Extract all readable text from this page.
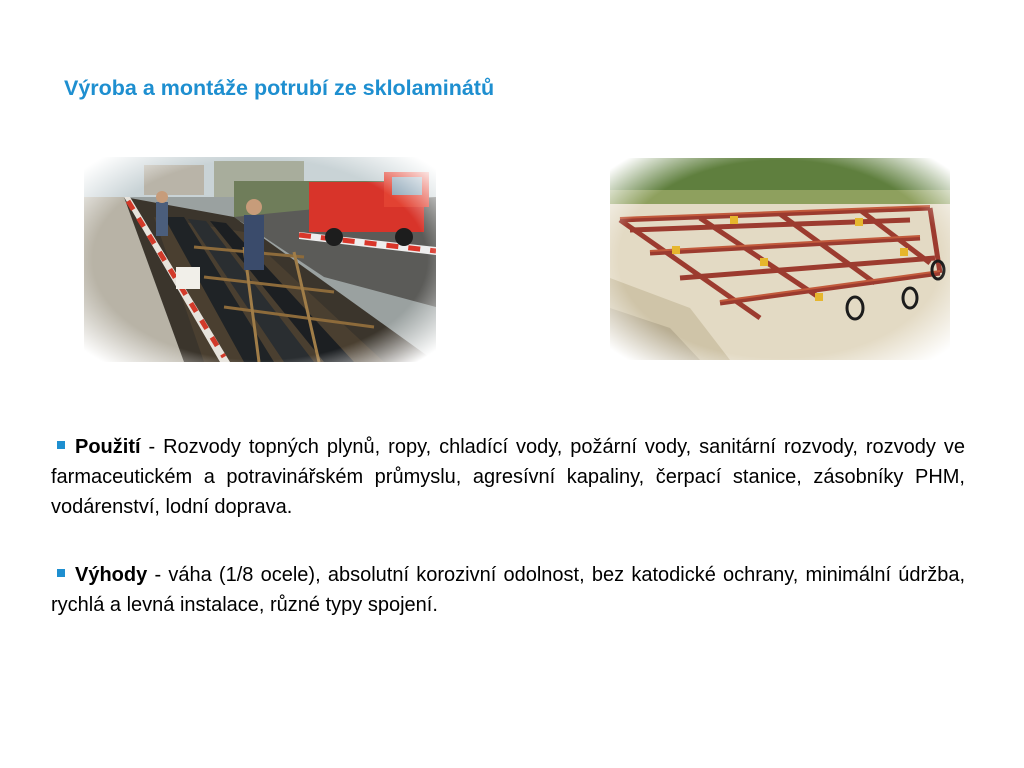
Výroba a montáže potrubí ze sklolaminátů

Použití - Rozvody topných plynů, ropy, chladící vody, požární vody, sanitární rozvody, rozvody ve farmaceutickém a potravinářském průmyslu, agresívní kapaliny, čerpací stanice, zásobníky PHM, vodárenství, lodní doprava.

Výhody - váha (1/8 ocele), absolutní korozivní odolnost, bez katodické ochrany, minimální údržba, rychlá a levná instalace, různé typy spojení.
